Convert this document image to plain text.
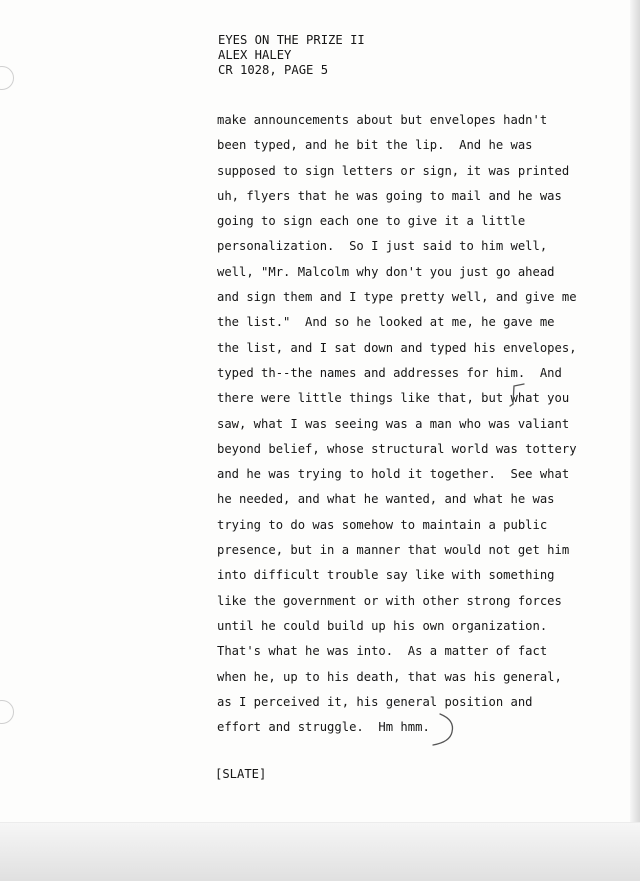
EYES ON THE PRIZE II
ALEX HALEY
CR 1028, PAGE 5
make announcements about but envelopes hadn't
been typed, and he bit the lip.  And he was
supposed to sign letters or sign, it was printed
uh, flyers that he was going to mail and he was
going to sign each one to give it a little
personalization.  So I just said to him well,
well, "Mr. Malcolm why don't you just go ahead
and sign them and I type pretty well, and give me
the list."  And so he looked at me, he gave me
the list, and I sat down and typed his envelopes,
typed th--the names and addresses for him.  And
there were little things like that, but what you
saw, what I was seeing was a man who was valiant
beyond belief, whose structural world was tottery
and he was trying to hold it together.  See what
he needed, and what he wanted, and what he was
trying to do was somehow to maintain a public
presence, but in a manner that would not get him
into difficult trouble say like with something
like the government or with other strong forces
until he could build up his own organization.
That's what he was into.  As a matter of fact
when he, up to his death, that was his general,
as I perceived it, his general position and
effort and struggle.  Hm hmm.
[SLATE]
